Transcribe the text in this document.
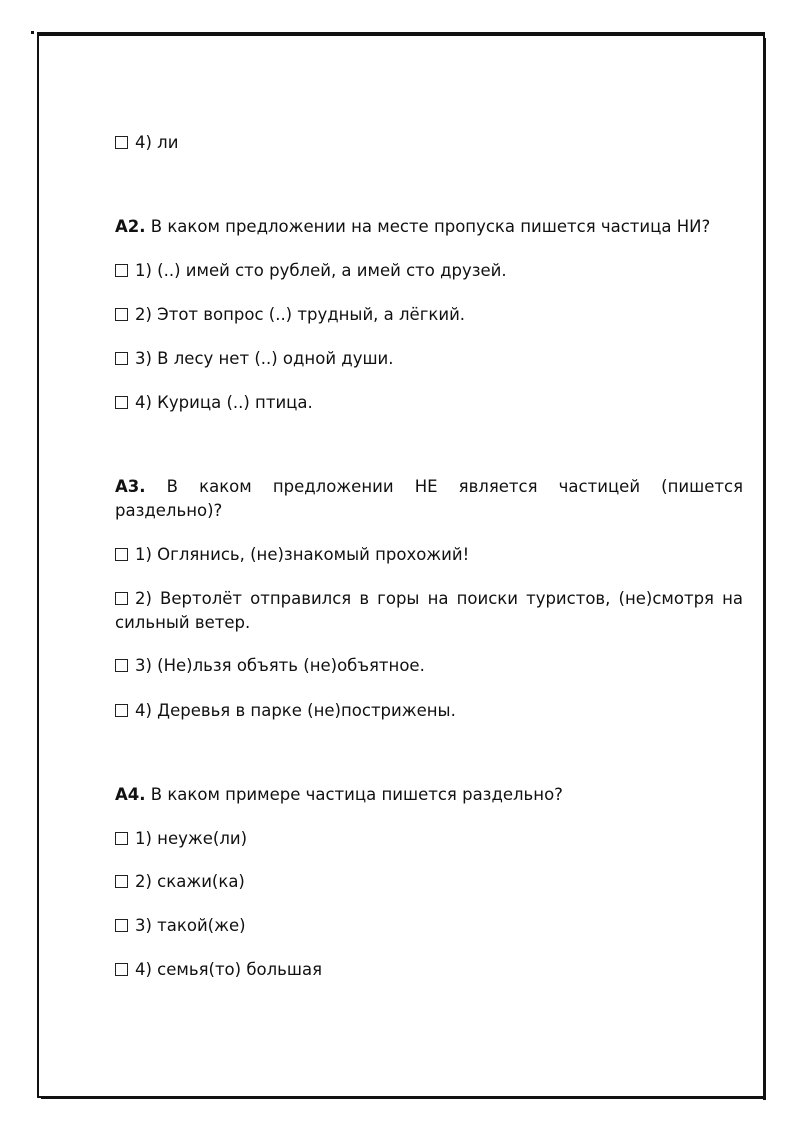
4) ли
А2. В каком предложении на месте пропуска пишется частица НИ?
1) (..) имей сто рублей, а имей сто друзей.
2) Этот вопрос (..) трудный, а лёгкий.
3) В лесу нет (..) одной души.
4) Курица (..) птица.
А3. В каком предложении НЕ является частицей (пишется
раздельно)?
1) Оглянись, (не)знакомый прохожий!
2) Вертолёт отправился в горы на поиски туристов, (не)смотря на
сильный ветер.
3) (Не)льзя объять (не)объятное.
4) Деревья в парке (не)пострижены.
А4. В каком примере частица пишется раздельно?
1) неуже(ли)
2) скажи(ка)
3) такой(же)
4) семья(то) большая
